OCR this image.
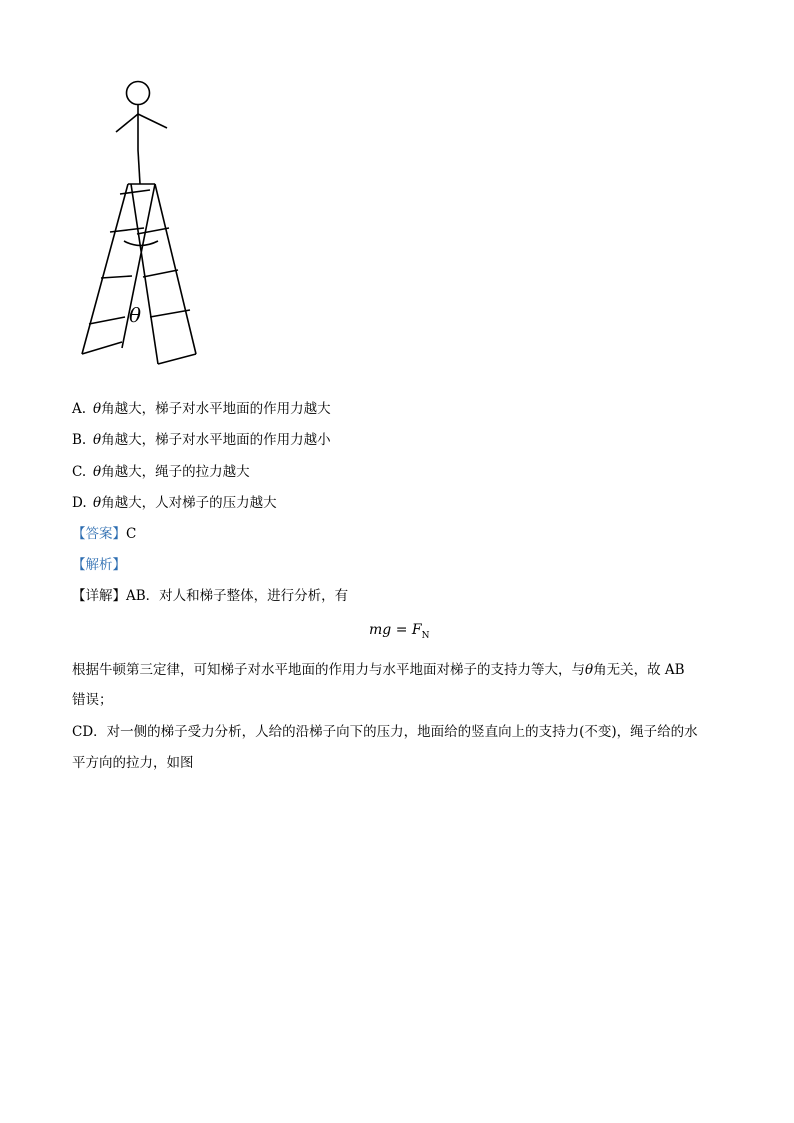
θ
A. θ角越大，梯子对水平地面的作用力越大
B. θ角越大，梯子对水平地面的作用力越小
C. θ角越大，绳子的拉力越大
D. θ角越大，人对梯子的压力越大
【答案】C
【解析】
【详解】AB．对人和梯子整体，进行分析，有
mg = $F_N$
根据牛顿第三定律，可知梯子对水平地面的作用力与水平地面对梯子的支持力等大，与θ角无关，故 AB
错误；
CD．对一侧的梯子受力分析，人给的沿梯子向下的压力，地面给的竖直向上的支持力(不变)，绳子给的水
平方向的拉力，如图
